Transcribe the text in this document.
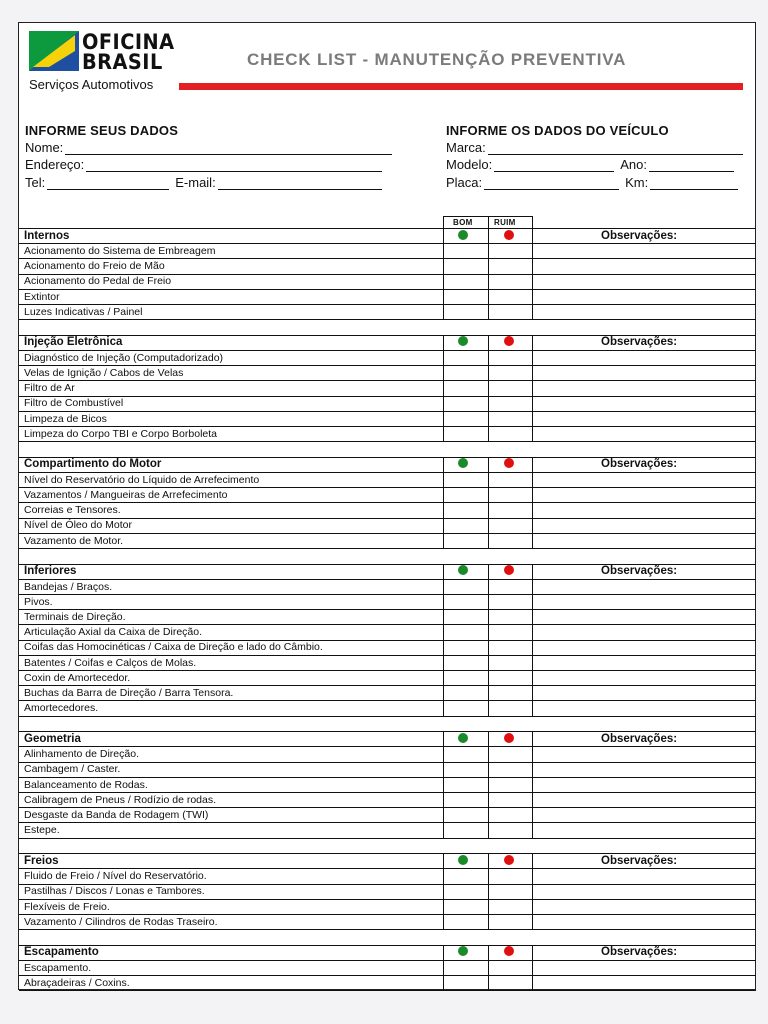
OFICINA
BRASIL
Serviços Automotivos
CHECK LIST - MANUTENÇÃO PREVENTIVA
INFORME SEUS DADOS
Nome:
Endereço:
Tel:	E-mail:
INFORME OS DADOS DO VEÍCULO
Marca:
Modelo:	Ano:
Placa:	Km:
BOM	RUIM
Internos	Observações:
Acionamento do Sistema de Embreagem
Acionamento do Freio de Mão
Acionamento do Pedal de Freio
Extintor
Luzes Indicativas / Painel
Injeção Eletrônica	Observações:
Diagnóstico de Injeção (Computadorizado)
Velas de Ignição / Cabos de Velas
Filtro de Ar
Filtro de Combustível
Limpeza de Bicos
Limpeza do Corpo TBI e Corpo Borboleta
Compartimento do Motor	Observações:
Nível do Reservatório do Líquido de Arrefecimento
Vazamentos / Mangueiras de Arrefecimento
Correias e Tensores.
Nível de Óleo do Motor
Vazamento de Motor.
Inferiores	Observações:
Bandejas / Braços.
Pivos.
Terminais de Direção.
Articulação Axial da Caixa de Direção.
Coifas das Homocinéticas / Caixa de Direção e lado do Câmbio.
Batentes / Coifas e Calços de Molas.
Coxin de Amortecedor.
Buchas da Barra de Direção / Barra Tensora.
Amortecedores.
Geometria	Observações:
Alinhamento de Direção.
Cambagem / Caster.
Balanceamento de Rodas.
Calibragem de Pneus / Rodízio de rodas.
Desgaste da Banda de Rodagem (TWI)
Estepe.
Freios	Observações:
Fluido de Freio / Nível do Reservatório.
Pastilhas / Discos / Lonas e Tambores.
Flexíveis de Freio.
Vazamento / Cilindros de Rodas Traseiro.
Escapamento	Observações:
Escapamento.
Abraçadeiras / Coxins.
